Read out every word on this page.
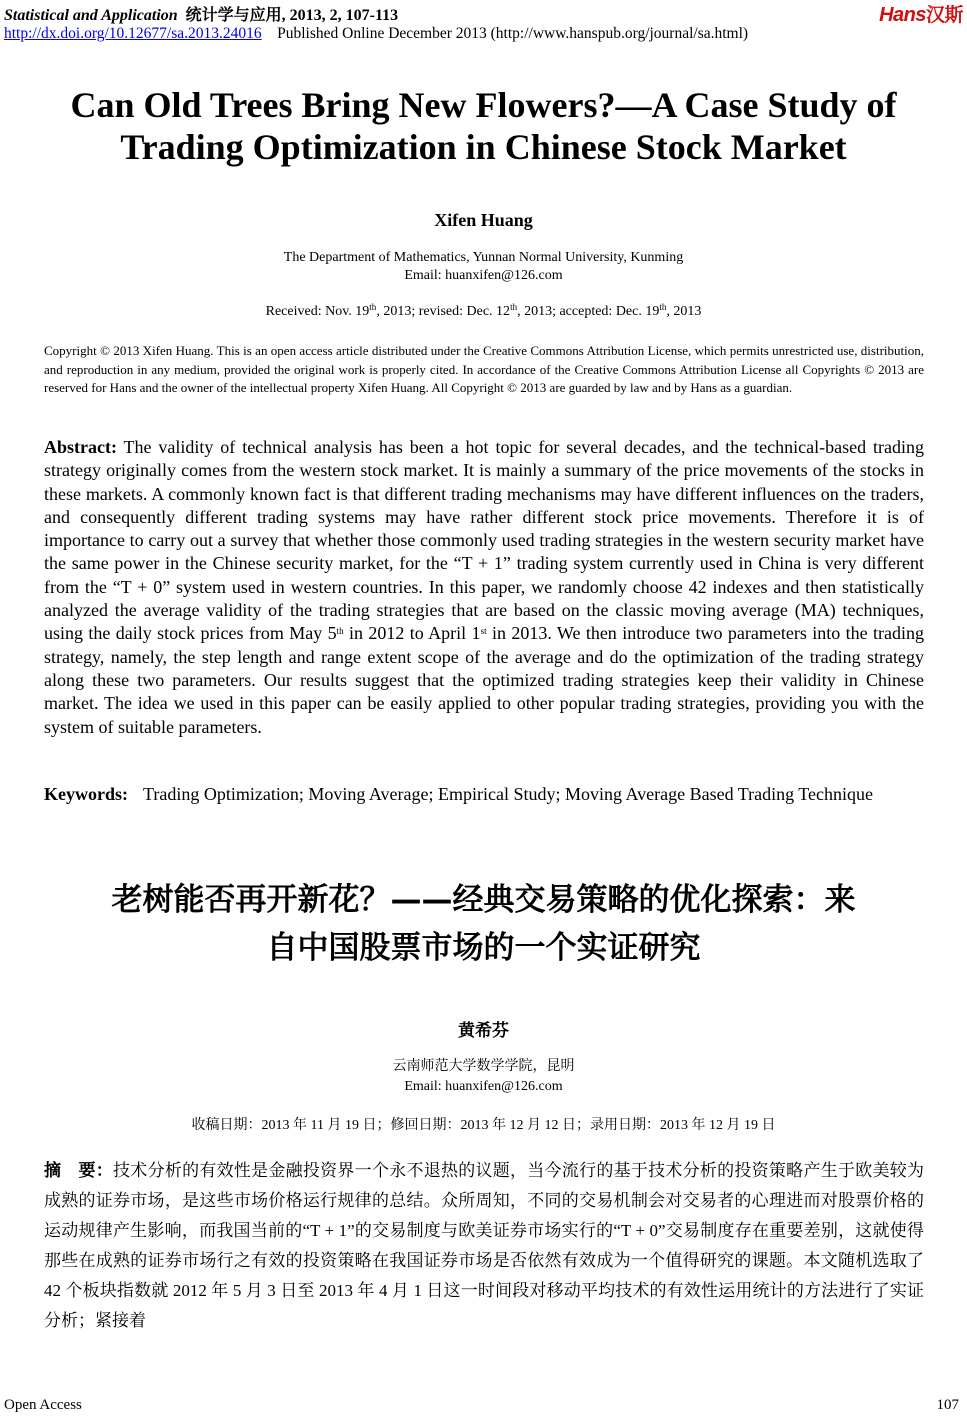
Statistical and Application 统计学与应用, 2013, 2, 107-113
http://dx.doi.org/10.12677/sa.2013.24016 Published Online December 2013 (http://www.hanspub.org/journal/sa.html)
Hans汉斯
Can Old Trees Bring New Flowers?—A Case Study of
Trading Optimization in Chinese Stock Market
Xifen Huang
The Department of Mathematics, Yunnan Normal University, Kunming
Email: huanxifen@126.com
Received: Nov. 19th, 2013; revised: Dec. 12th, 2013; accepted: Dec. 19th, 2013
Copyright © 2013 Xifen Huang. This is an open access article distributed under the Creative Commons Attribution License, which permits unrestricted use, distribution, and reproduction in any medium, provided the original work is properly cited. In accordance of the Creative Commons Attribution License all Copyrights © 2013 are reserved for Hans and the owner of the intellectual property Xifen Huang. All Copyright © 2013 are guarded by law and by Hans as a guardian.
Abstract: The validity of technical analysis has been a hot topic for several decades, and the technical-based trading strategy originally comes from the western stock market. It is mainly a summary of the price movements of the stocks in these markets. A commonly known fact is that different trading mechanisms may have different influences on the traders, and consequently different trading systems may have rather different stock price movements. Therefore it is of importance to carry out a survey that whether those commonly used trading strategies in the western security market have the same power in the Chinese security market, for the “T + 1” trading system currently used in China is very different from the “T + 0” system used in western countries. In this paper, we randomly choose 42 indexes and then statistically analyzed the average validity of the trading strategies that are based on the classic moving average (MA) techniques, using the daily stock prices from May 5th in 2012 to April 1st in 2013. We then introduce two parameters into the trading strategy, namely, the step length and range extent scope of the average and do the optimization of the trading strategy along these two parameters. Our results suggest that the optimized trading strategies keep their validity in Chinese market. The idea we used in this paper can be easily applied to other popular trading strategies, providing you with the system of suitable parameters.
Keywords: Trading Optimization; Moving Average; Empirical Study; Moving Average Based Trading Technique
老树能否再开新花？——经典交易策略的优化探索：来
自中国股票市场的一个实证研究
黄希芬
云南师范大学数学学院，昆明
Email: huanxifen@126.com
收稿日期：2013 年 11 月 19 日；修回日期：2013 年 12 月 12 日；录用日期：2013 年 12 月 19 日
摘　要：技术分析的有效性是金融投资界一个永不退热的议题，当今流行的基于技术分析的投资策略产生于欧美较为成熟的证券市场，是这些市场价格运行规律的总结。众所周知，不同的交易机制会对交易者的心理进而对股票价格的运动规律产生影响，而我国当前的“T + 1”的交易制度与欧美证券市场实行的“T + 0”交易制度存在重要差别，这就使得那些在成熟的证券市场行之有效的投资策略在我国证券市场是否依然有效成为一个值得研究的课题。本文随机选取了 42 个板块指数就 2012 年 5 月 3 日至 2013 年 4 月 1 日这一时间段对移动平均技术的有效性运用统计的方法进行了实证分析；紧接着
Open Access	107
